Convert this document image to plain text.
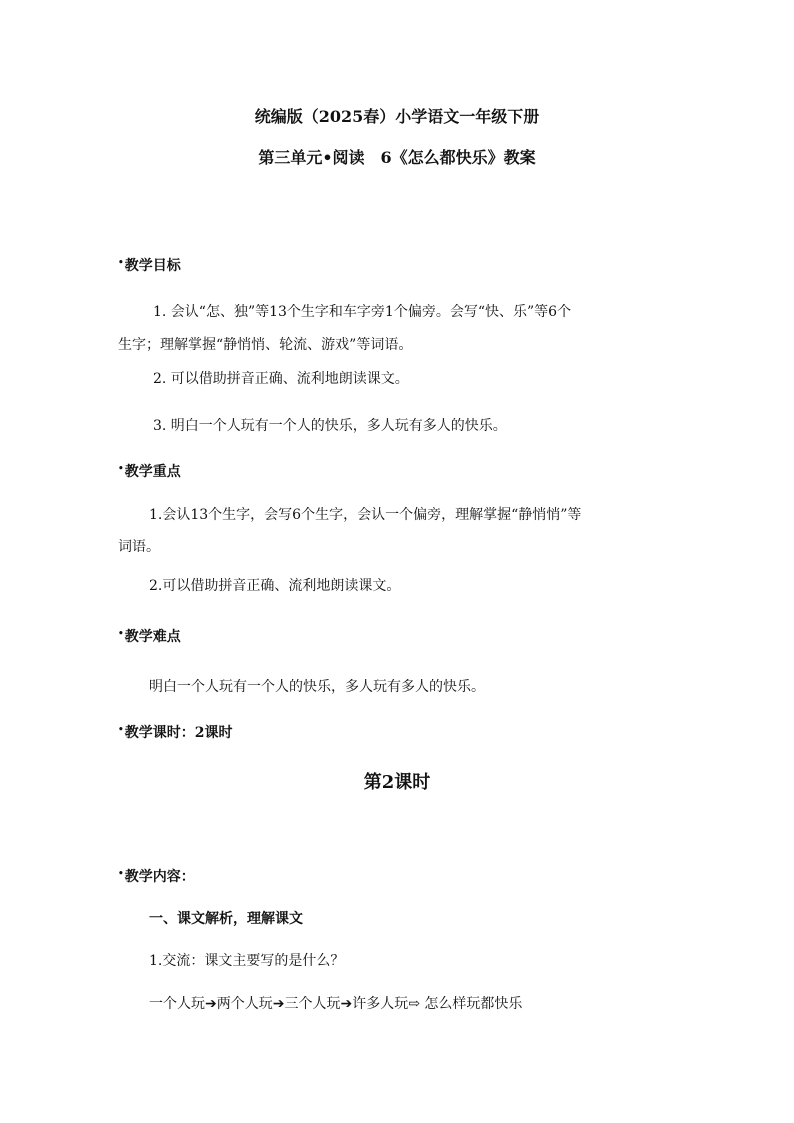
统编版（2025春）小学语文一年级下册
第三单元•阅读　6《怎么都快乐》教案
•教学目标
1. 会认“怎、独”等13个生字和车字旁1个偏旁。会写“快、乐”等6个
生字；理解掌握“静悄悄、轮流、游戏”等词语。
2. 可以借助拼音正确、流利地朗读课文。
3. 明白一个人玩有一个人的快乐，多人玩有多人的快乐。
•教学重点
1.会认13个生字，会写6个生字，会认一个偏旁，理解掌握“静悄悄”等
词语。
2.可以借助拼音正确、流利地朗读课文。
•教学难点
明白一个人玩有一个人的快乐，多人玩有多人的快乐。
•教学课时：2课时
第2课时
•教学内容：
一、课文解析，理解课文
1.交流：课文主要写的是什么？
一个人玩➔两个人玩➔三个人玩➔许多人玩⇨ 怎么样玩都快乐
